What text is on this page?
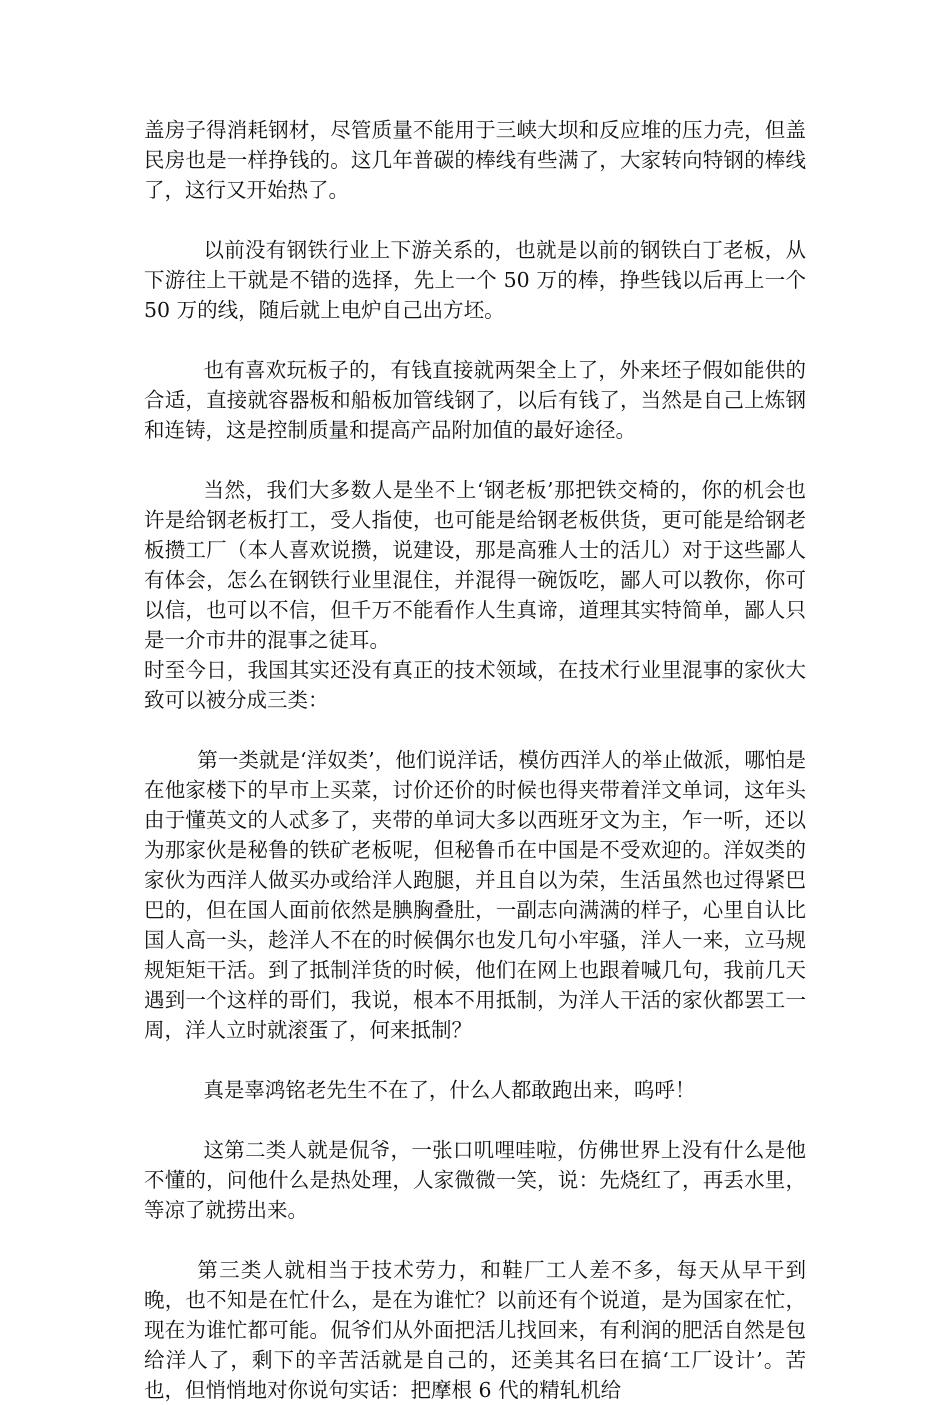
盖房子得消耗钢材，尽管质量不能用于三峡大坝和反应堆的压力壳，但盖民房也是一样挣钱的。这几年普碳的棒线有些满了，大家转向特钢的棒线了，这行又开始热了。

以前没有钢铁行业上下游关系的，也就是以前的钢铁白丁老板，从下游往上干就是不错的选择，先上一个 50 万的棒，挣些钱以后再上一个 50 万的线，随后就上电炉自己出方坯。

也有喜欢玩板子的，有钱直接就两架全上了，外来坯子假如能供的合适，直接就容器板和船板加管线钢了，以后有钱了，当然是自己上炼钢和连铸，这是控制质量和提高产品附加值的最好途径。

当然，我们大多数人是坐不上‘钢老板’那把铁交椅的，你的机会也许是给钢老板打工，受人指使，也可能是给钢老板供货，更可能是给钢老板攒工厂（本人喜欢说攒，说建设，那是高雅人士的活儿）对于这些鄙人有体会，怎么在钢铁行业里混住，并混得一碗饭吃，鄙人可以教你，你可以信，也可以不信，但千万不能看作人生真谛，道理其实特简单，鄙人只是一介市井的混事之徒耳。

时至今日，我国其实还没有真正的技术领域，在技术行业里混事的家伙大致可以被分成三类：

第一类就是‘洋奴类’，他们说洋话，模仿西洋人的举止做派，哪怕是在他家楼下的早市上买菜，讨价还价的时候也得夹带着洋文单词，这年头由于懂英文的人忒多了，夹带的单词大多以西班牙文为主，乍一听，还以为那家伙是秘鲁的铁矿老板呢，但秘鲁币在中国是不受欢迎的。洋奴类的家伙为西洋人做买办或给洋人跑腿，并且自以为荣，生活虽然也过得紧巴巴的，但在国人面前依然是腆胸叠肚，一副志向满满的样子，心里自认比国人高一头，趁洋人不在的时候偶尔也发几句小牢骚，洋人一来，立马规规矩矩干活。到了抵制洋货的时候，他们在网上也跟着喊几句，我前几天遇到一个这样的哥们，我说，根本不用抵制，为洋人干活的家伙都罢工一周，洋人立时就滚蛋了，何来抵制？

真是辜鸿铭老先生不在了，什么人都敢跑出来，呜呼！

这第二类人就是侃爷，一张口叽哩哇啦，仿佛世界上没有什么是他不懂的，问他什么是热处理，人家微微一笑，说：先烧红了，再丢水里，等凉了就捞出来。

第三类人就相当于技术劳力，和鞋厂工人差不多，每天从早干到晚，也不知是在忙什么，是在为谁忙？以前还有个说道，是为国家在忙，现在为谁忙都可能。侃爷们从外面把活儿找回来，有利润的肥活自然是包给洋人了，剩下的辛苦活就是自己的，还美其名曰在搞‘工厂设计’。苦也，但悄悄地对你说句实话：把摩根 6 代的精轧机给
